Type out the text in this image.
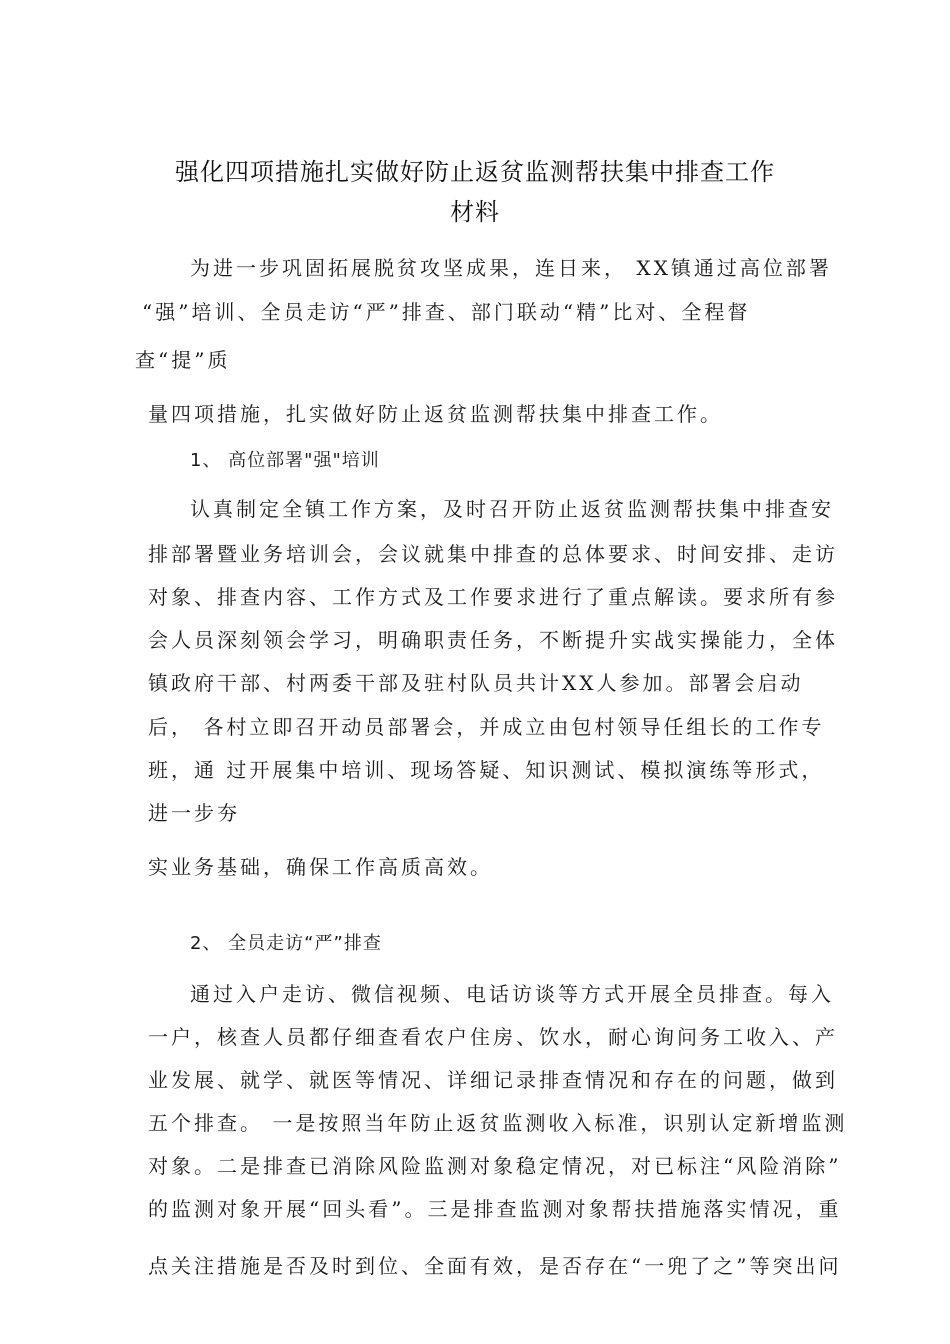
强化四项措施扎实做好防止返贫监测帮扶集中排查工作
材料
为进一步巩固拓展脱贫攻坚成果，连日来， XX镇通过高位部署
“强”培训、全员走访“严”排查、部门联动“精”比对、全程督
查“提”质
量四项措施，扎实做好防止返贫监测帮扶集中排查工作。
1、 高位部署"强"培训
认真制定全镇工作方案，及时召开防止返贫监测帮扶集中排查安
排部署暨业务培训会，会议就集中排查的总体要求、时间安排、走访
对象、排查内容、工作方式及工作要求进行了重点解读。要求所有参
会人员深刻领会学习，明确职责任务，不断提升实战实操能力，全体
镇政府干部、村两委干部及驻村队员共计XX人参加。部署会启动
后， 各村立即召开动员部署会，并成立由包村领导任组长的工作专
班，通 过开展集中培训、现场答疑、知识测试、模拟演练等形式，
进一步夯
实业务基础，确保工作高质高效。
2、 全员走访“严”排查
通过入户走访、微信视频、电话访谈等方式开展全员排查。每入
一户，核查人员都仔细查看农户住房、饮水，耐心询问务工收入、产
业发展、就学、就医等情况、详细记录排查情况和存在的问题，做到
五个排查。 一是按照当年防止返贫监测收入标准，识别认定新增监测
对象。二是排查已消除风险监测对象稳定情况，对已标注“风险消除”
的监测对象开展“回头看”。三是排查监测对象帮扶措施落实情况，重
点关注措施是否及时到位、全面有效，是否存在“一兜了之”等突出问
